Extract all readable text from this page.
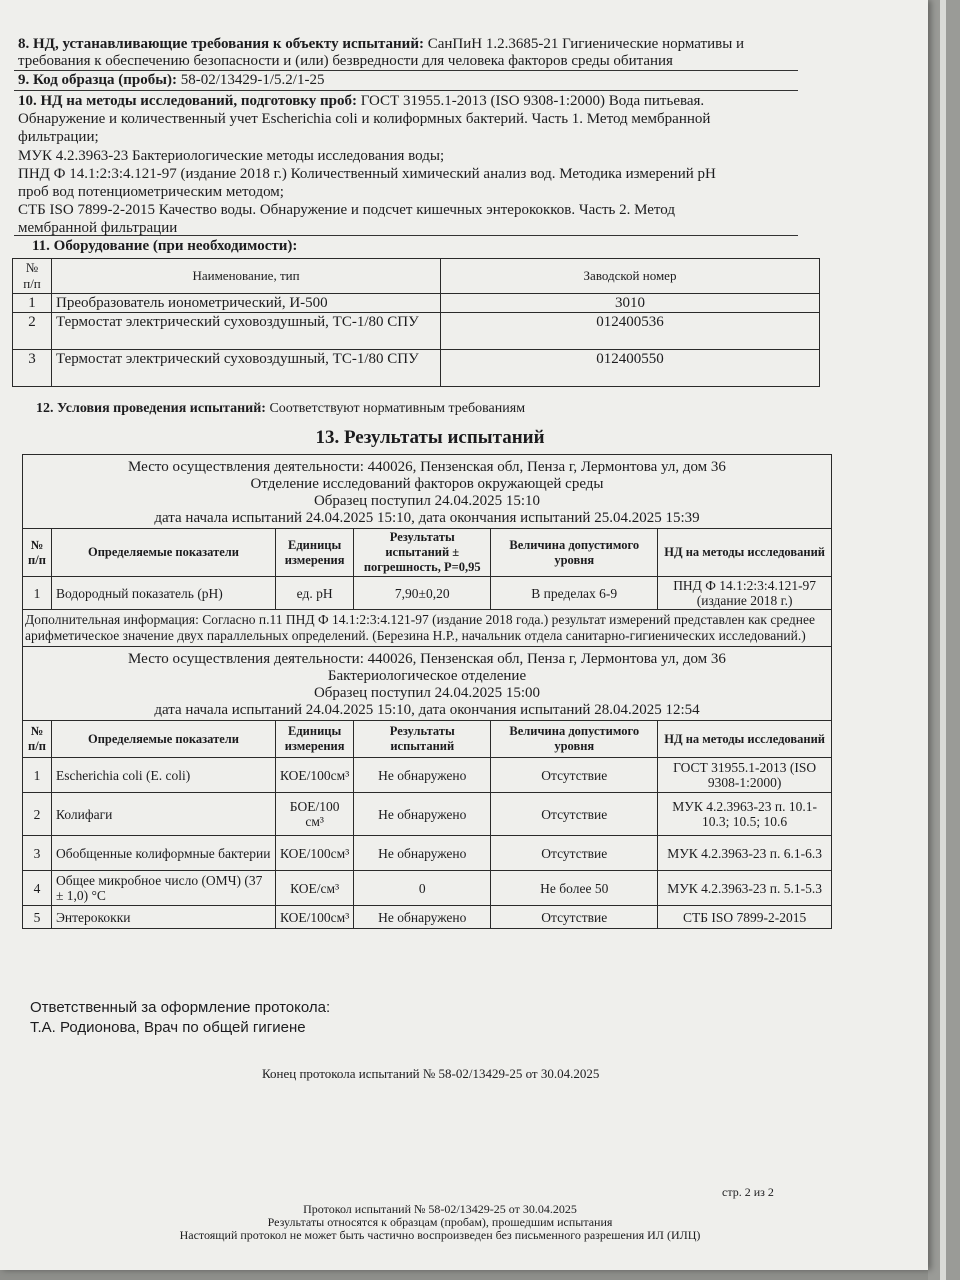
8. НД, устанавливающие требования к объекту испытаний: СанПиН 1.2.3685-21 Гигиенические нормативы и
требования к обеспечению безопасности и (или) безвредности для человека факторов среды обитания
9. Код образца (пробы): 58-02/13429-1/5.2/1-25
10. НД на методы исследований, подготовку проб: ГОСТ 31955.1-2013 (ISO 9308-1:2000) Вода питьевая.
Обнаружение и количественный учет Escherichia coli и колиформных бактерий. Часть 1. Метод мембранной
фильтрации;
МУК 4.2.3963-23 Бактериологические методы исследования воды;
ПНД Ф 14.1:2:3:4.121-97 (издание 2018 г.) Количественный химический анализ вод. Методика измерений pH
проб вод потенциометрическим методом;
СТБ ISO 7899-2-2015 Качество воды. Обнаружение и подсчет кишечных энтерококков. Часть 2. Метод
мембранной фильтрации
11. Оборудование (при необходимости):
№
п/п	Наименование, тип	Заводской номер
1	Преобразователь ионометрический, И-500	3010
2	Термостат электрический суховоздушный, ТС-1/80 СПУ	012400536
3	Термостат электрический суховоздушный, ТС-1/80 СПУ	012400550
12. Условия проведения испытаний: Соответствуют нормативным требованиям
13. Результаты испытаний
Место осуществления деятельности: 440026, Пензенская обл, Пенза г, Лермонтова ул, дом 36
Отделение исследований факторов окружающей среды
Образец поступил 24.04.2025 15:10
дата начала испытаний 24.04.2025 15:10, дата окончания испытаний 25.04.2025 15:39					
№ п/п	Определяемые показатели	Единицы измерения	Результаты испытаний ± погрешность, P=0,95	Величина допустимого уровня	НД на методы исследований
1	Водородный показатель (рН)	ед. pH	7,90±0,20	В пределах 6-9	ПНД Ф 14.1:2:3:4.121-97 (издание 2018 г.)
Дополнительная информация: Согласно п.11 ПНД Ф 14.1:2:3:4.121-97 (издание 2018 года.) результат измерений представлен как среднее арифметическое значение двух параллельных определений. (Березина Н.Р., начальник отдела санитарно-гигиенических исследований.)					
Место осуществления деятельности: 440026, Пензенская обл, Пенза г, Лермонтова ул, дом 36
Бактериологическое отделение
Образец поступил 24.04.2025 15:00
дата начала испытаний 24.04.2025 15:10, дата окончания испытаний 28.04.2025 12:54					
№ п/п	Определяемые показатели	Единицы измерения	Результаты испытаний	Величина допустимого уровня	НД на методы исследований
1	Escherichia coli (E. coli)	КОЕ/100см³	Не обнаружено	Отсутствие	ГОСТ 31955.1-2013 (ISO 9308-1:2000)
2	Колифаги	БОЕ/100 см³	Не обнаружено	Отсутствие	МУК 4.2.3963-23 п. 10.1-10.3; 10.5; 10.6
3	Обобщенные колиформные бактерии	КОЕ/100см³	Не обнаружено	Отсутствие	МУК 4.2.3963-23 п. 6.1-6.3
4	Общее микробное число (ОМЧ) (37 ± 1,0) °С	КОЕ/см³	0	Не более 50	МУК 4.2.3963-23 п. 5.1-5.3
5	Энтерококки	КОЕ/100см³	Не обнаружено	Отсутствие	СТБ ISO 7899-2-2015
Ответственный за оформление протокола:
Т.А. Родионова, Врач по общей гигиене
Конец протокола испытаний № 58-02/13429-25 от 30.04.2025
стр. 2 из 2
Протокол испытаний № 58-02/13429-25 от 30.04.2025
Результаты относятся к образцам (пробам), прошедшим испытания
Настоящий протокол не может быть частично воспроизведен без письменного разрешения ИЛ (ИЛЦ)
